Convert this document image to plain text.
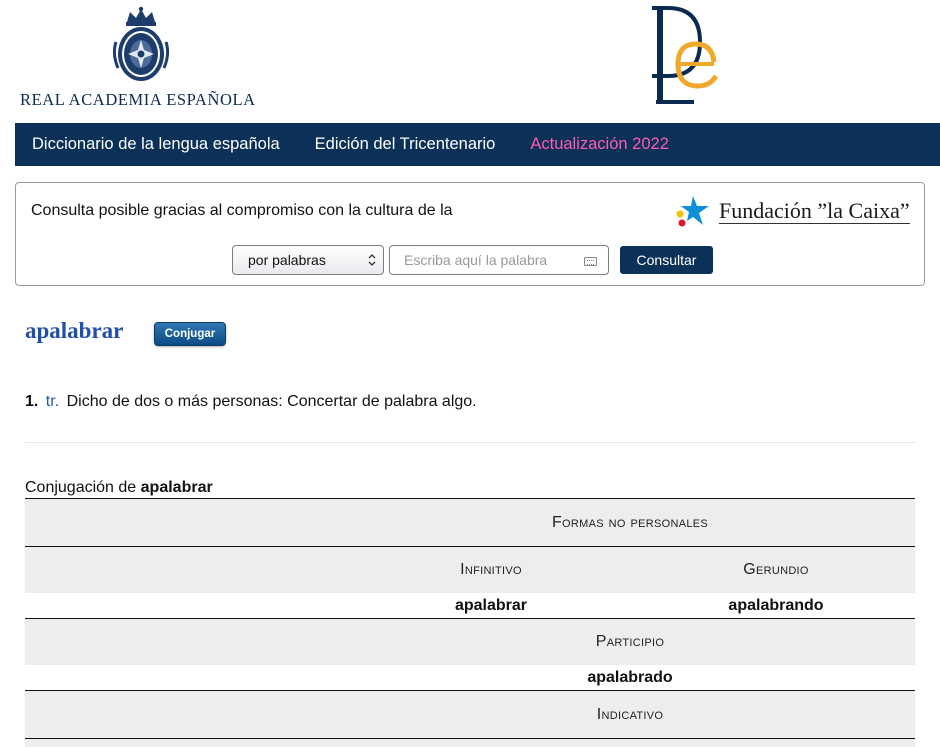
REAL ACADEMIA ESPAÑOLA
Diccionario de la lengua española Edición del Tricentenario Actualización 2022
Consulta posible gracias al compromiso con la cultura de la	Fundación ”la Caixa”
por palabras
Escriba aquí la palabra	Consultar
apalabrar	Conjugar
1. tr. Dicho de dos o más personas: Concertar de palabra algo.
Conjugación de apalabrar
Formas no personales
Infinitivo	Gerundio
apalabrar	apalabrando
Participio
apalabrado
Indicativo
